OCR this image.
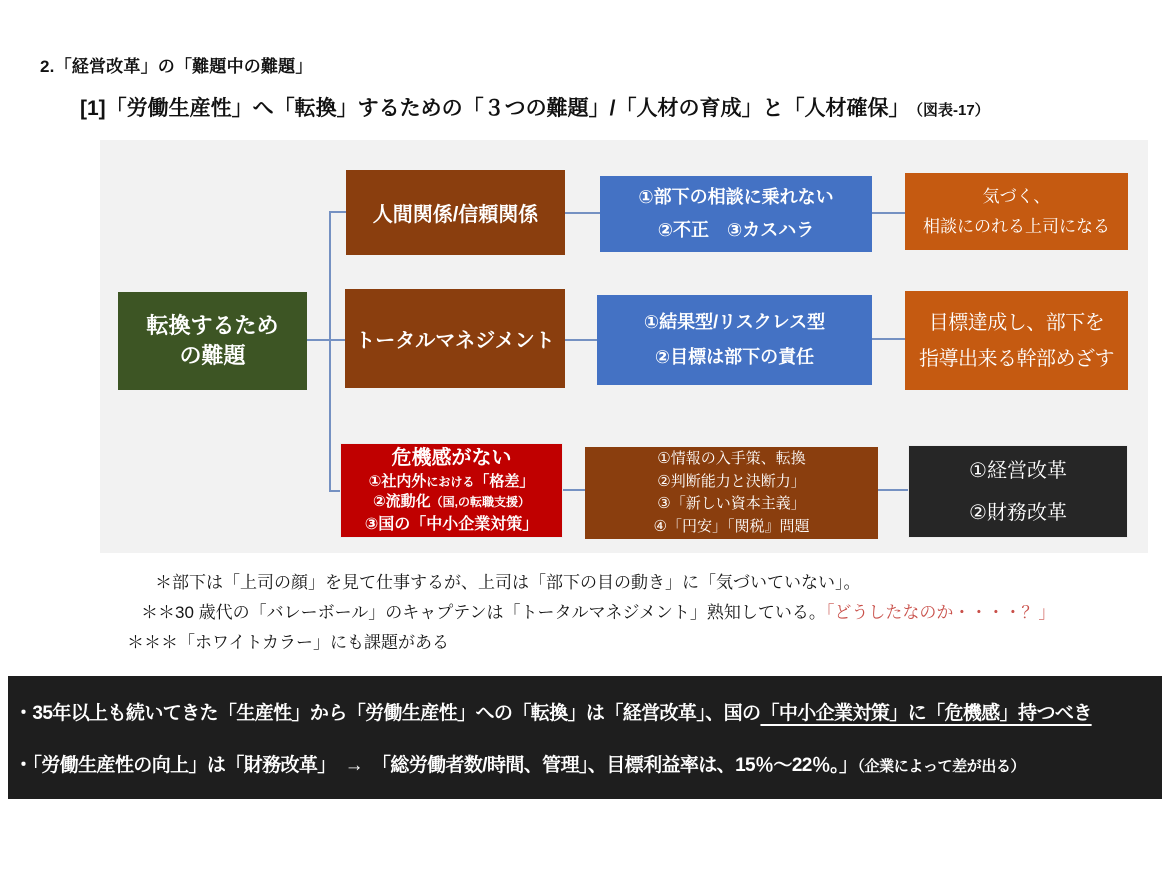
2.「経営改革」の「難題中の難題」
[1]「労働生産性」へ「転換」するための「３つの難題」/「人材の育成」と「人材確保」 （図表-17）
転換するため
の難題
人間関係/信頼関係
①部下の相談に乗れない
②不正　③カスハラ
気づく、
相談にのれる上司になる
トータルマネジメント
①結果型/リスクレス型
②目標は部下の責任
目標達成し、部下を
指導出来る幹部めざす
危機感がない
①社内外における「格差」
②流動化（国,の転職支援）
③国の「中小企業対策」
①情報の入手策、転換
②判断能力と決断力」
③「新しい資本主義」
④「円安」「関税』問題
①経営改革
②財務改革
＊部下は「上司の顔」を見て仕事するが、上司は「部下の目の動き」に「気づいていない」。
＊＊30 歳代の「バレーボール」のキャプテンは「トータルマネジメント」熟知している。「どうしたなのか・・・・？」
＊＊＊「ホワイトカラー」にも課題がある
・35年以上も続いてきた「生産性」から「労働生産性」への「転換」は「経営改革」、国の「中小企業対策」に「危機感」持つべき
・「労働生産性の向上」は「財務改革」　→　「総労働者数/時間、管理」、目標利益率は、15％～22％。」（企業によって差が出る）
